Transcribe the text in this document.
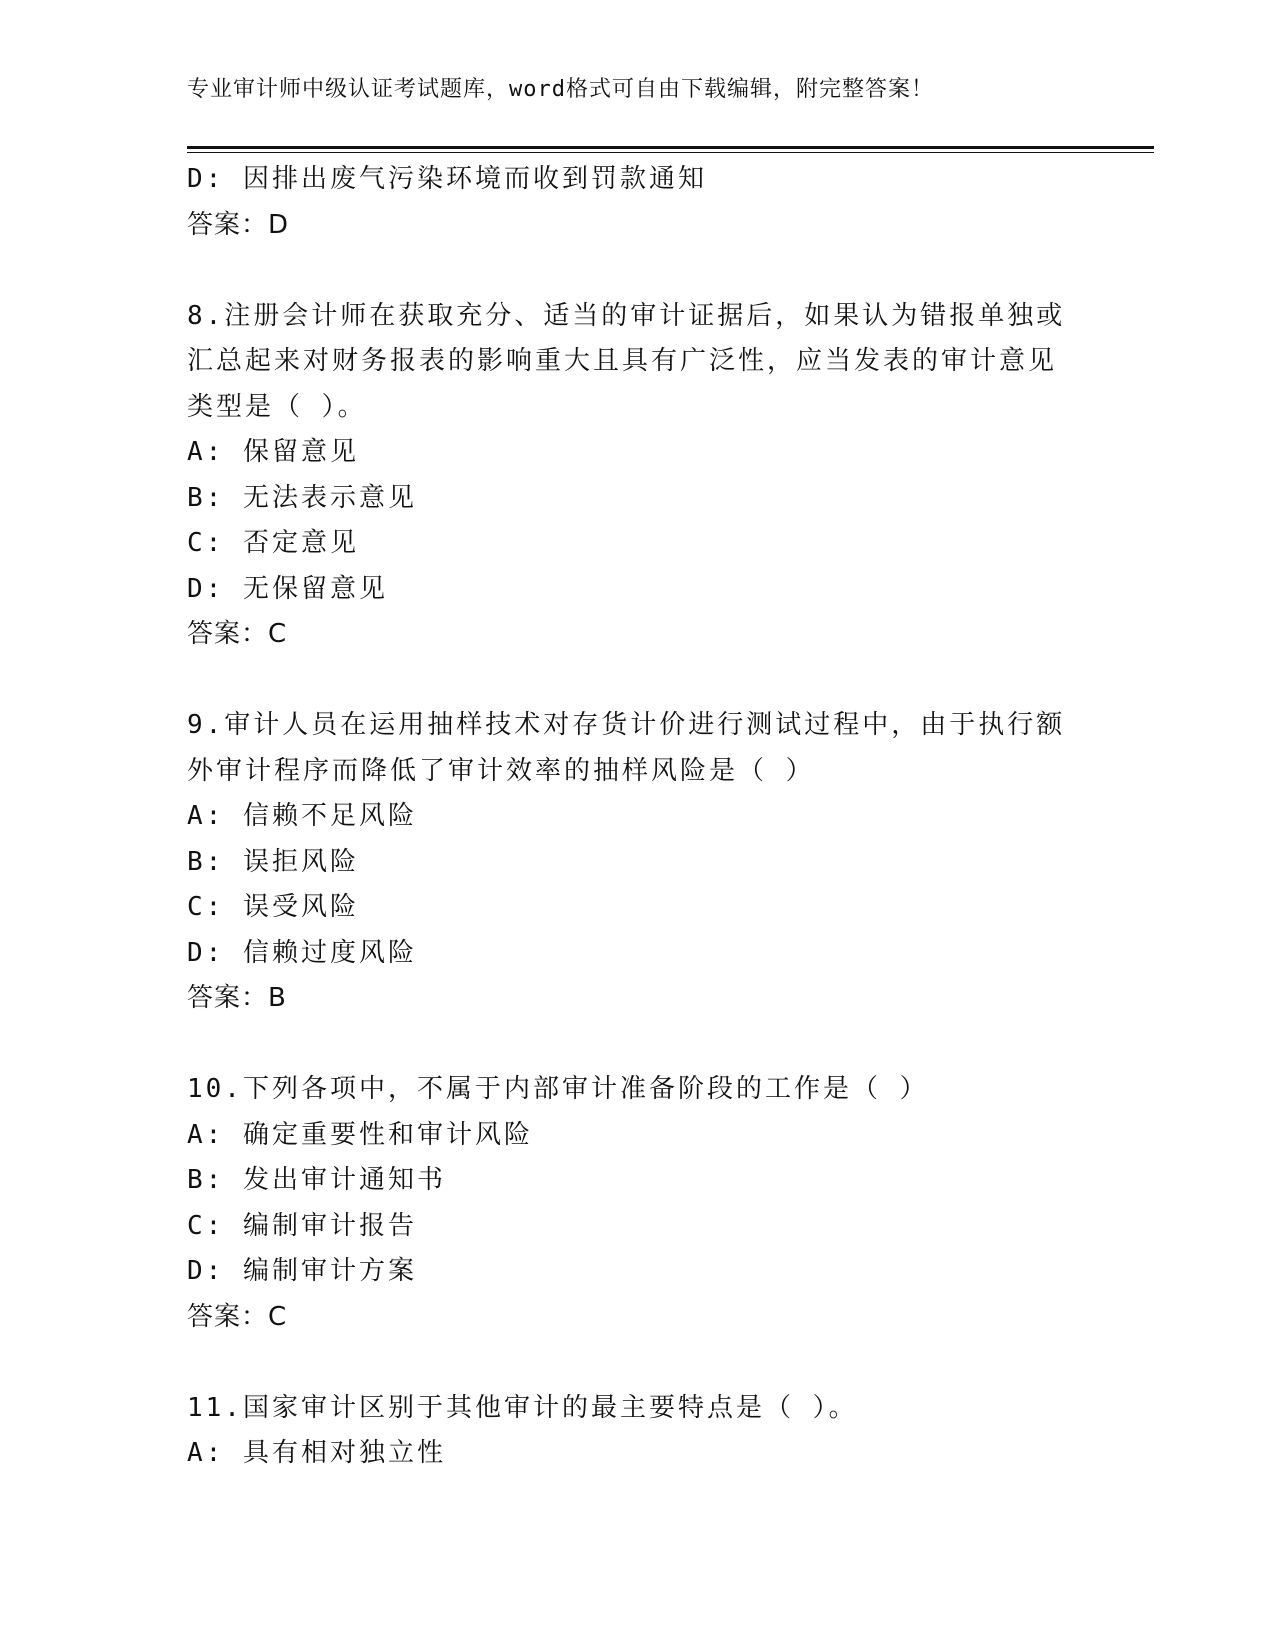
专业审计师中级认证考试题库，word格式可自由下载编辑，附完整答案！
D: 因排出废气污染环境而收到罚款通知
答案：D
8.注册会计师在获取充分、适当的审计证据后，如果认为错报单独或
汇总起来对财务报表的影响重大且具有广泛性，应当发表的审计意见
类型是（ ）。
A: 保留意见
B: 无法表示意见
C: 否定意见
D: 无保留意见
答案：C
9.审计人员在运用抽样技术对存货计价进行测试过程中，由于执行额
外审计程序而降低了审计效率的抽样风险是（ ）
A: 信赖不足风险
B: 误拒风险
C: 误受风险
D: 信赖过度风险
答案：B
10.下列各项中，不属于内部审计准备阶段的工作是（ ）
A: 确定重要性和审计风险
B: 发出审计通知书
C: 编制审计报告
D: 编制审计方案
答案：C
11.国家审计区别于其他审计的最主要特点是（ ）。
A: 具有相对独立性
